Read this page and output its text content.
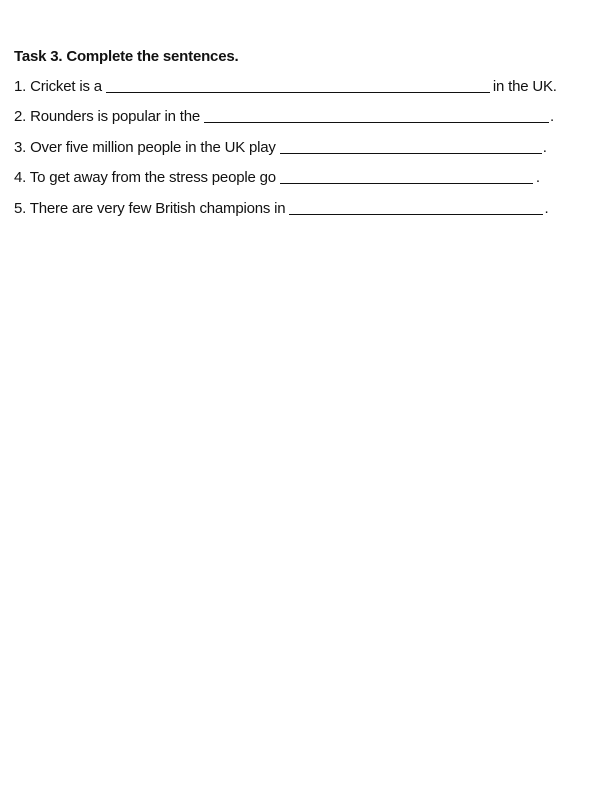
Task 3. Complete the sentences.
1. Cricket is a	in the UK.
2. Rounders is popular in the	.
3. Over five million people in the UK play	.
4. To get away from the stress people go	.
5. There are very few British champions in	.
